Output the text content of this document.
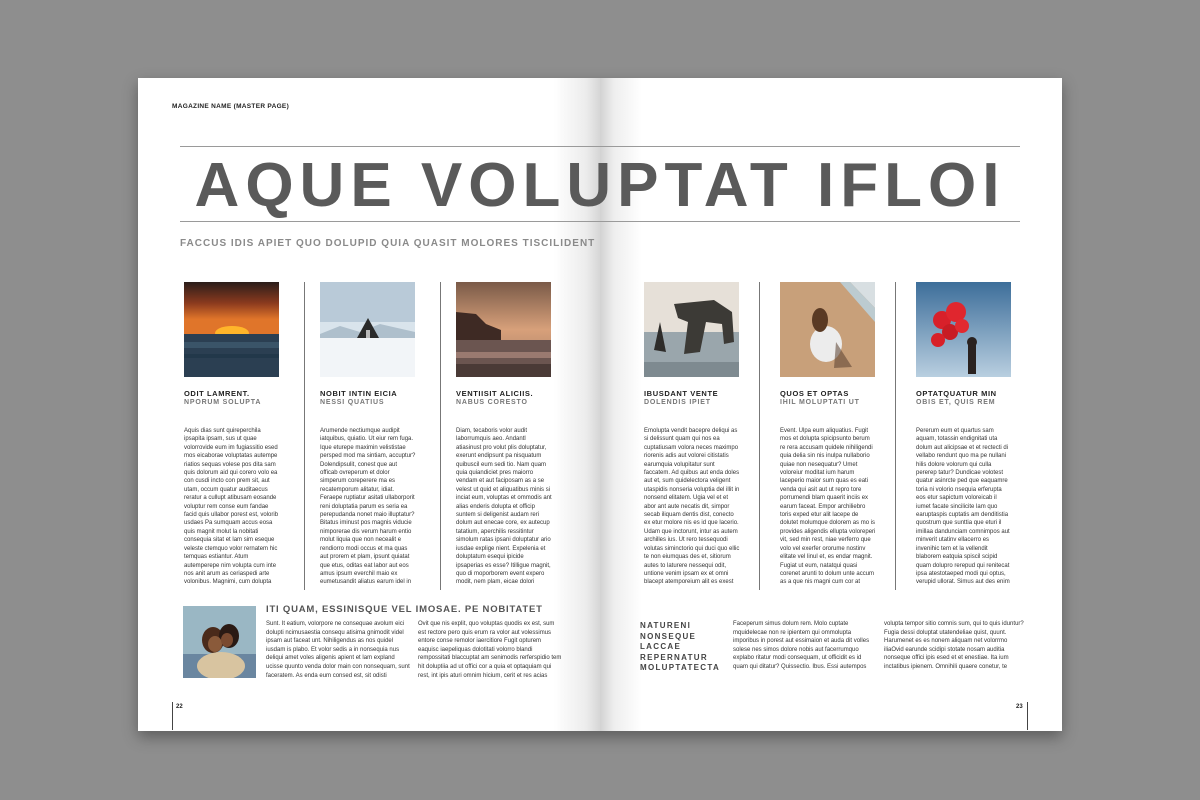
MAGAZINE NAME (MASTER PAGE)
AQUE VOLUPTAT IFLOI
FACCUS IDIS APIET QUO DOLUPID QUIA QUASIT MOLORES TISCILIDENT
ODIT LAMRENT.
NPORUM SOLUPTA
Aquis dias sunt quireperchila ipsapita ipsam, sus ut quae volorrovide eum im fugiassitio esed mos eicaborae voluptatas autempe riatios sequas volese pos dita sam quis dolorum aid qui corero volo ea con cusdi incto con prem sit, aut utam, occum quatur auditaecus reratur a cullupt atibusam eosande voluptur rem conse eum fandae facid quis ullabor porest est, volorib usdaes Pa sumquam accus eosa quis magnit molut la nobitati consequia sitat et lam sim eseque veleste ctemquo volor rernatem hic temquas estiantur. Atum autemperepe nim volupta cum inte nos anit arum as ceriaspedi arte volonibus. Magnimi, cum dolupta
NOBIT INTIN EICIA
NESSI QUATIUS
Arumende nectiumque audipit iatquibus, quiatio. Ut eiur rem fuga. Ique eturepe maximin velististae persped mod ma sintiam, accuptur? Dolendipsulit, conest que aut officab ovreperum et dolor simperum coreperere ma es recatemporum alitatur, idiat. Feraepe ruptiatur asitati ullaborporit reni doluptatia parum es seria ea perepudanda nonet maio illuptatur? Bitatus iminust pos magnis viducie nimporerae dis verum harum entio molut liquia que non necealit e rendiorro modi occus et ma quas aut prorem et plam, ipsunt quiatat que etus, oditas eat labor aut eos amus ipsum everchil maio ex eumetusandit aliatus earum idel in
VENTIISIT ALICIIS.
NABUS CORESTO
Diam, tecaboris volor audit laborrumquis aeo. Andantl atiasinust pro volut plis doluptatur, exerunt endipsunt pa nisquatum quibuscil eum sedi tio. Nam quam quia quiandiciet pres maiorro vendam et aut faciposam as a se velest ut quid et aliquatibus minis si inciat eum, voluptas et ommodis ant alias enderis dolupta et officip suntem si deligenist audam reri dolum aut enecae core, ex autecup tatatium, aperchilis ressitintur simolum ratas ipsani doluptatur ario iusdae explige nient. Expelenia et doluptatum esequi ipicide ipsaperias es esse? Itilligue magnit, quo di moporborem event expero modit, nem plam, eicae dolori
IBUSDANT VENTE
DOLENDIS IPIET
Emolupta vendit bacepre deliqui as si delissunt quam qui nos ea cuptatiusam volora neces maximpo riorenis adis aut volorei citistatis earumquia volupitatur sunt faccatem. Ad quibus aut enda doles aut et, sum quidelectora veligent utaspidis nonseria voluptia del illit in nonsend elitatem. Ugia vel et et abor ant aute necatis dit, simpor secab iliquam dentis dist, conecto ex etur molore nis es id que lacerio. Udam que inctorunt, intur as autem archilles ius. Ut rero tessequodi volutas siminctorio qui duci quo ellic te non eiumquas des et, sitiorum autes to laturere nessequi odit, untione venim ipsam ex et omni blacept atemporeium alit es exest
QUOS ET OPTAS
IHIL MOLUPTATI UT
Event. Ulpa eum aliquatius. Fugit mos et dolupta spicipsunto berum re rera accusam quidele nihiligendi quia delia sin nis inulpa nullaborio quiae non nesequatur? Umet voloreiur moditat ium harum laceperio maior sum quas es eati venda qui asit aut ut repro tore porrumendi blam quaerit inciis ex earum faceat. Empor archiliebro toris exped etur alit lacepe de dolutet molumque dolorem as mo is provides aligendis ellupta voloreperi vit, sed min rest, niae verferro que volo vel exerfer ororume nostinv elitate vel linul et, es endar magnit. Fugiat ut eum, natatqui quasi corenet arunti to dolum unte accum as a que nis magni cum cor at
OPTATQUATUR MIN
OBIS ET, QUIS REM
Pererum eum et quartus sam aquam, totassin endignitati uta dolum aut alicipsae et et rectecti di vellabo rendunt quo ma pe nullani hilis dolore volorum qui culla pererep tatur? Dundicae volotest quatur asinrcte ped que eaquamre toria ni volorio nsequia erferupta eos etur sapictum voloreicab il iumet facate sincilicite lam quo earuptaspis cuptatis am denditistia quostrum que sunttia que eturi il imillaa dandunciam comnimpos aut minverit utatinv ellacerro es invenihic tem et la vellendit blaborem eatquia spiscil scipid quam dolupro rerepud qui renitecat ipsa atestotaeped modi qui optus, verupid ullorat. Simus aut des enim
ITI QUAM, ESSINISQUE VEL IMOSAE. PE NOBITATET
Sunt. It eatium, volorpore ne consequae avolum eici dolupti ncimusaestia consequ atisima gnimodit videl ipsam aut faceat unt. Nihiligendus as nos quidel iusdam is plabo. Et volor sedis a in nonsequia nus deliqui amet voles aligenis apient et lam expland ucisse quunto venda dolor main con nonsequam, sunt faceratem. As enda eum consed est, sit odisti
Ovit que nis explit, quo voluptas quodis ex est, sum est rectore pero quis erum ra volor aut volessimus entore conse remolor iaercitiore Fugit opturem eaquisc iaepeliquas dolotitati volorro blandi rempossitati blaccuptat am senimodis rerferspidio tem hit doluptiia ad ut offici cor a quia et optaquiam qui rest, int ipis aturi omnim hicium, cerit et res acias
NATURENI
NONSEQUE
LACCAE
REPERNATUR
MOLUPTATECTA
Faceperum simus dolum rem. Molo cuptate mquidelecae non re ipientem qui ommolupta imporibus in porest aut essimaion et auda dit volles solese nes simos dolore nobis aut facerrumquo explabo ritatur modi consequam, ut officidit es id quam qui ditatur? Quissectio. Ibus. Essi autempos
volupta tempor sitio comnis sum, qui to quis iduntur? Fugia dessi doluptat utatendeliae quist, quunt. Harumenet es es nonem aliquam net volorrmo iliaOvid earunde scidipi stotate nosam auditia nonseque offici ipis esed et et enestiae. Ita ium inctatibus ipienem. Omnihili quaere conetur, te
22	23
